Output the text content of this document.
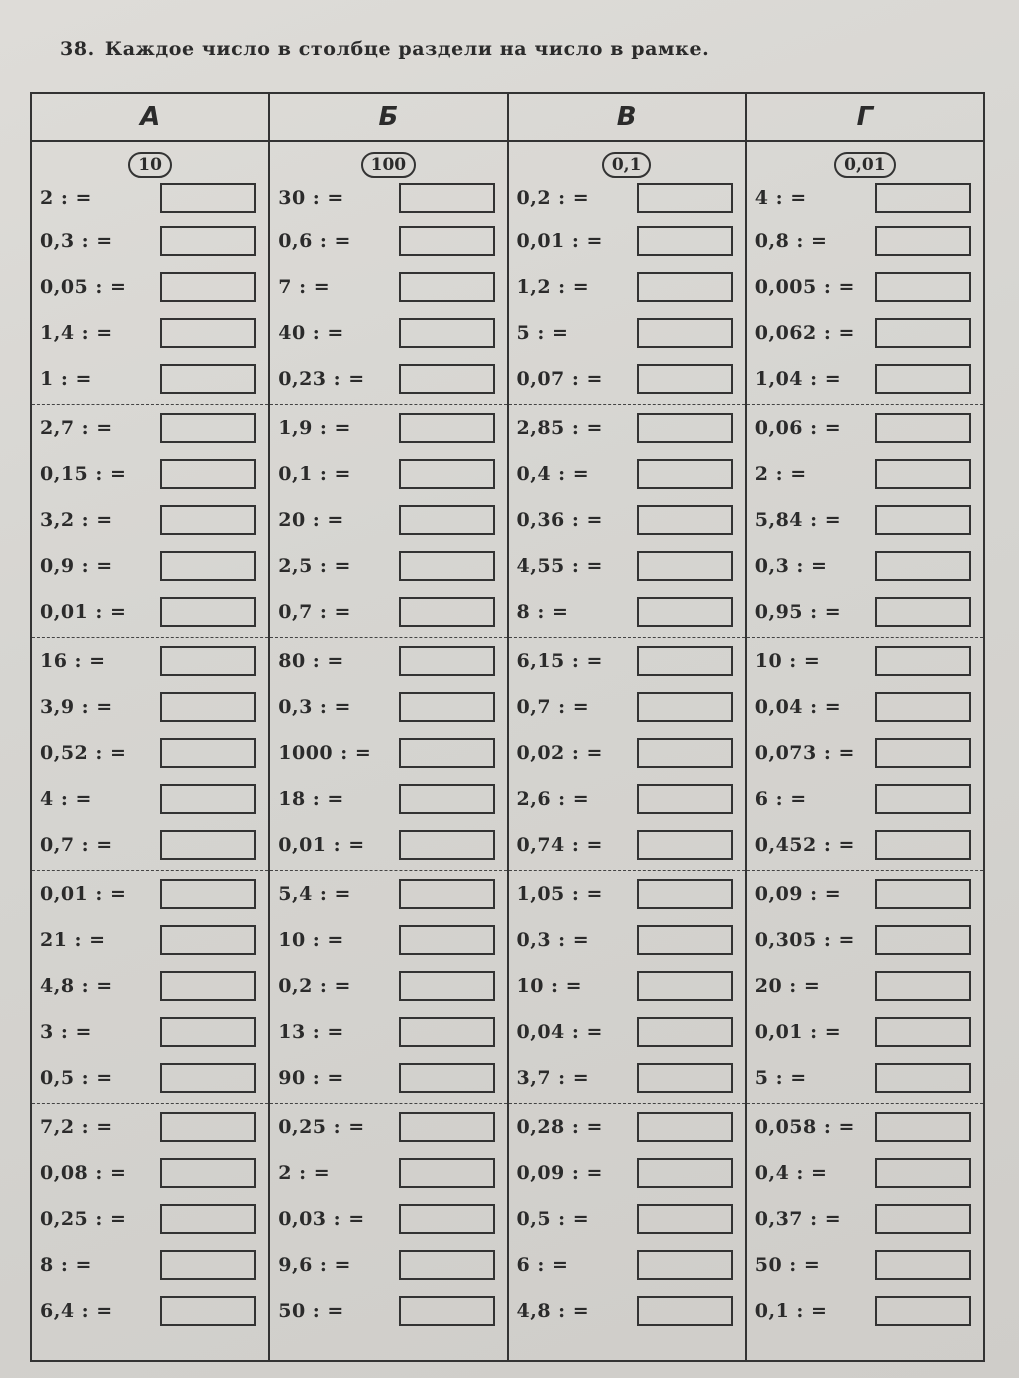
38. Каждое число в столбце раздели на число в рамке.
А
10
2 : =
0,3 : =
0,05 : =
1,4 : =
1 : =
2,7 : =
0,15 : =
3,2 : =
0,9 : =
0,01 : =
16 : =
3,9 : =
0,52 : =
4 : =
0,7 : =
0,01 : =
21 : =
4,8 : =
3 : =
0,5 : =
7,2 : =
0,08 : =
0,25 : =
8 : =
6,4 : =
Б
100
30 : =
0,6 : =
7 : =
40 : =
0,23 : =
1,9 : =
0,1 : =
20 : =
2,5 : =
0,7 : =
80 : =
0,3 : =
1000 : =
18 : =
0,01 : =
5,4 : =
10 : =
0,2 : =
13 : =
90 : =
0,25 : =
2 : =
0,03 : =
9,6 : =
50 : =
В
0,1
0,2 : =
0,01 : =
1,2 : =
5 : =
0,07 : =
2,85 : =
0,4 : =
0,36 : =
4,55 : =
8 : =
6,15 : =
0,7 : =
0,02 : =
2,6 : =
0,74 : =
1,05 : =
0,3 : =
10 : =
0,04 : =
3,7 : =
0,28 : =
0,09 : =
0,5 : =
6 : =
4,8 : =
Г
0,01
4 : =
0,8 : =
0,005 : =
0,062 : =
1,04 : =
0,06 : =
2 : =
5,84 : =
0,3 : =
0,95 : =
10 : =
0,04 : =
0,073 : =
6 : =
0,452 : =
0,09 : =
0,305 : =
20 : =
0,01 : =
5 : =
0,058 : =
0,4 : =
0,37 : =
50 : =
0,1 : =
